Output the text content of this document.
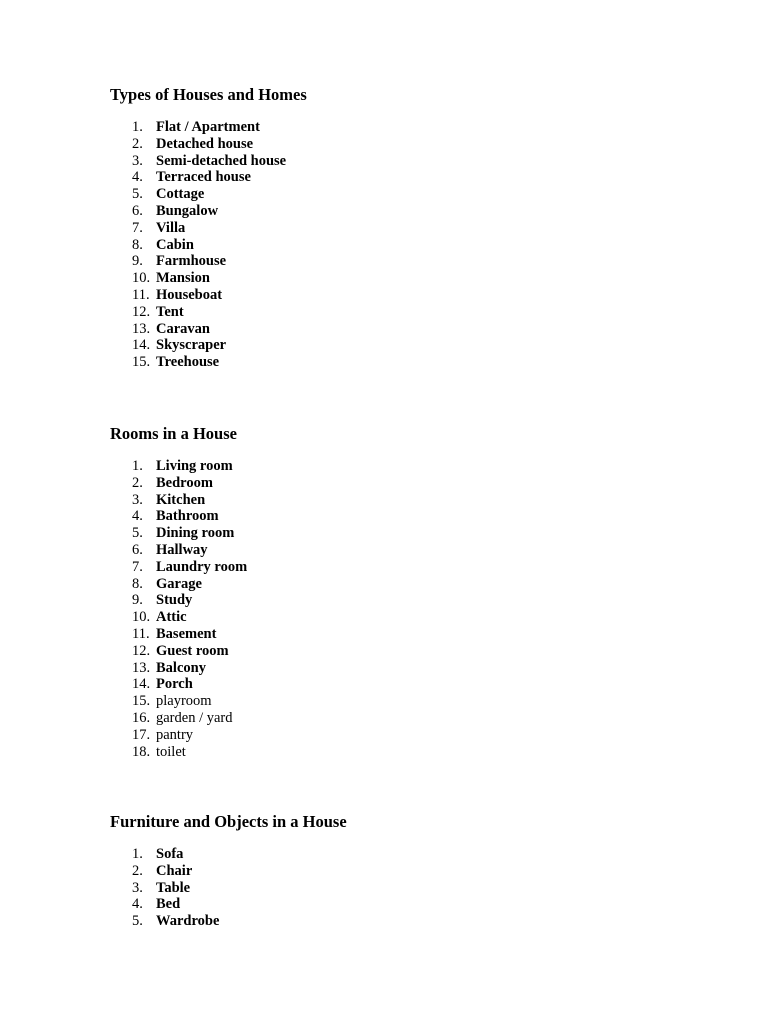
Types of Houses and Homes
1. Flat / Apartment
2. Detached house
3. Semi-detached house
4. Terraced house
5. Cottage
6. Bungalow
7. Villa
8. Cabin
9. Farmhouse
10. Mansion
11. Houseboat
12. Tent
13. Caravan
14. Skyscraper
15. Treehouse
Rooms in a House
1. Living room
2. Bedroom
3. Kitchen
4. Bathroom
5. Dining room
6. Hallway
7. Laundry room
8. Garage
9. Study
10. Attic
11. Basement
12. Guest room
13. Balcony
14. Porch
15. playroom
16. garden / yard
17. pantry
18. toilet
Furniture and Objects in a House
1. Sofa
2. Chair
3. Table
4. Bed
5. Wardrobe
